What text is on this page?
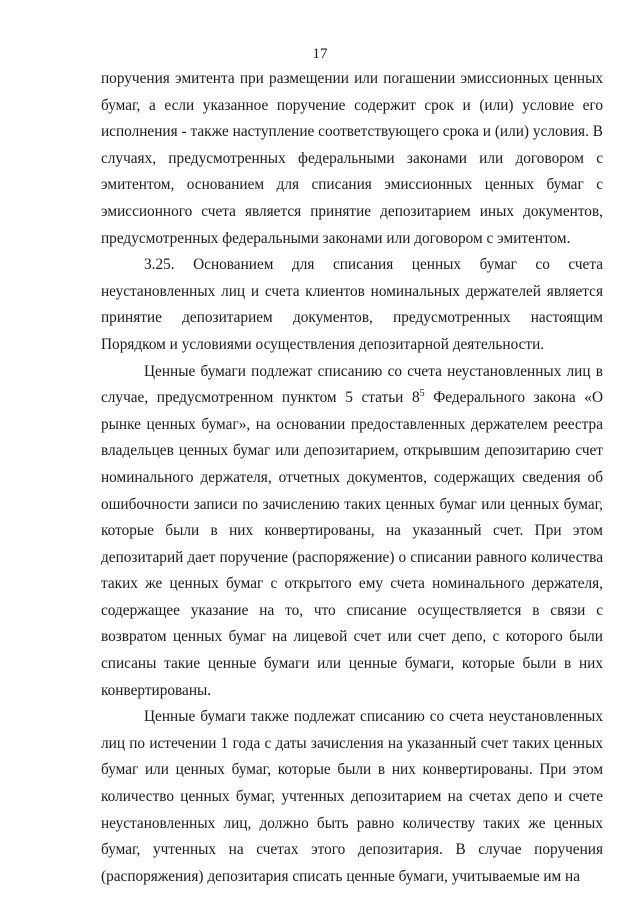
17

поручения эмитента при размещении или погашении эмиссионных ценных бумаг, а если указанное поручение содержит срок и (или) условие его исполнения - также наступление соответствующего срока и (или) условия. В случаях, предусмотренных федеральными законами или договором с эмитентом, основанием для списания эмиссионных ценных бумаг с эмиссионного счета является принятие депозитарием иных документов, предусмотренных федеральными законами или договором с эмитентом.

3.25. Основанием для списания ценных бумаг со счета неустановленных лиц и счета клиентов номинальных держателей является принятие депозитарием документов, предусмотренных настоящим Порядком и условиями осуществления депозитарной деятельности.

Ценные бумаги подлежат списанию со счета неустановленных лиц в случае, предусмотренном пунктом 5 статьи $8^5$ Федерального закона «О рынке ценных бумаг», на основании предоставленных держателем реестра владельцев ценных бумаг или депозитарием, открывшим депозитарию счет номинального держателя, отчетных документов, содержащих сведения об ошибочности записи по зачислению таких ценных бумаг или ценных бумаг, которые были в них конвертированы, на указанный счет. При этом депозитарий дает поручение (распоряжение) о списании равного количества таких же ценных бумаг с открытого ему счета номинального держателя, содержащее указание на то, что списание осуществляется в связи с возвратом ценных бумаг на лицевой счет или счет депо, с которого были списаны такие ценные бумаги или ценные бумаги, которые были в них конвертированы.

Ценные бумаги также подлежат списанию со счета неустановленных лиц по истечении 1 года с даты зачисления на указанный счет таких ценных бумаг или ценных бумаг, которые были в них конвертированы. При этом количество ценных бумаг, учтенных депозитарием на счетах депо и счете неустановленных лиц, должно быть равно количеству таких же ценных бумаг, учтенных на счетах этого депозитария. В случае поручения (распоряжения) депозитария списать ценные бумаги, учитываемые им на
